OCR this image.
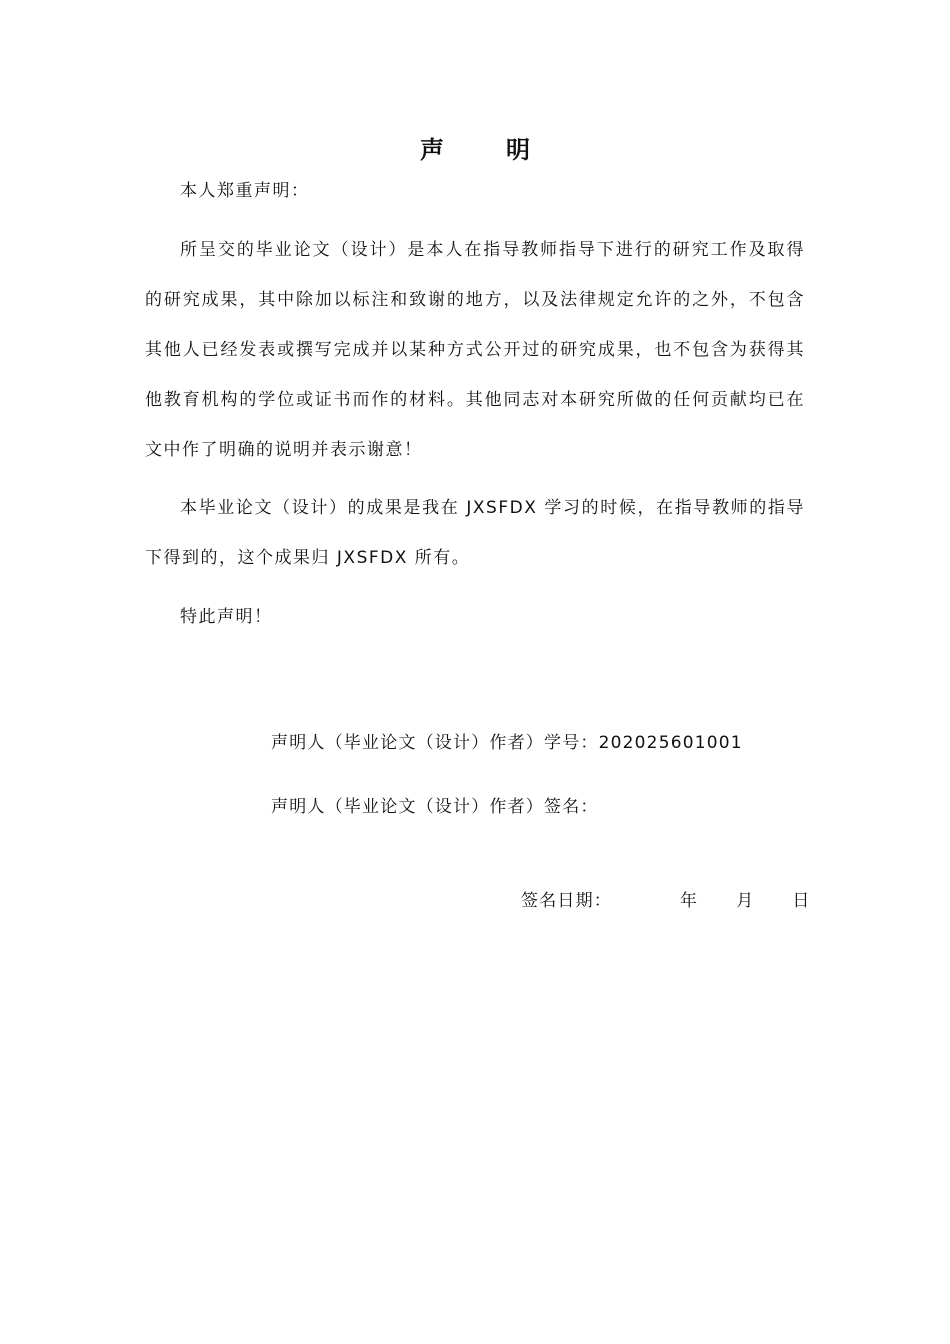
声	明
本人郑重声明：
所呈交的毕业论文（设计）是本人在指导教师指导下进行的研究工作及取得的研究成果，其中除加以标注和致谢的地方，以及法律规定允许的之外，不包含其他人已经发表或撰写完成并以某种方式公开过的研究成果，也不包含为获得其他教育机构的学位或证书而作的材料。其他同志对本研究所做的任何贡献均已在文中作了明确的说明并表示谢意！
本毕业论文（设计）的成果是我在 JXSFDX 学习的时候，在指导教师的指导下得到的，这个成果归 JXSFDX 所有。
特此声明！
声明人（毕业论文（设计）作者）学号：202025601001
声明人（毕业论文（设计）作者）签名：
签名日期：	年 月 日
